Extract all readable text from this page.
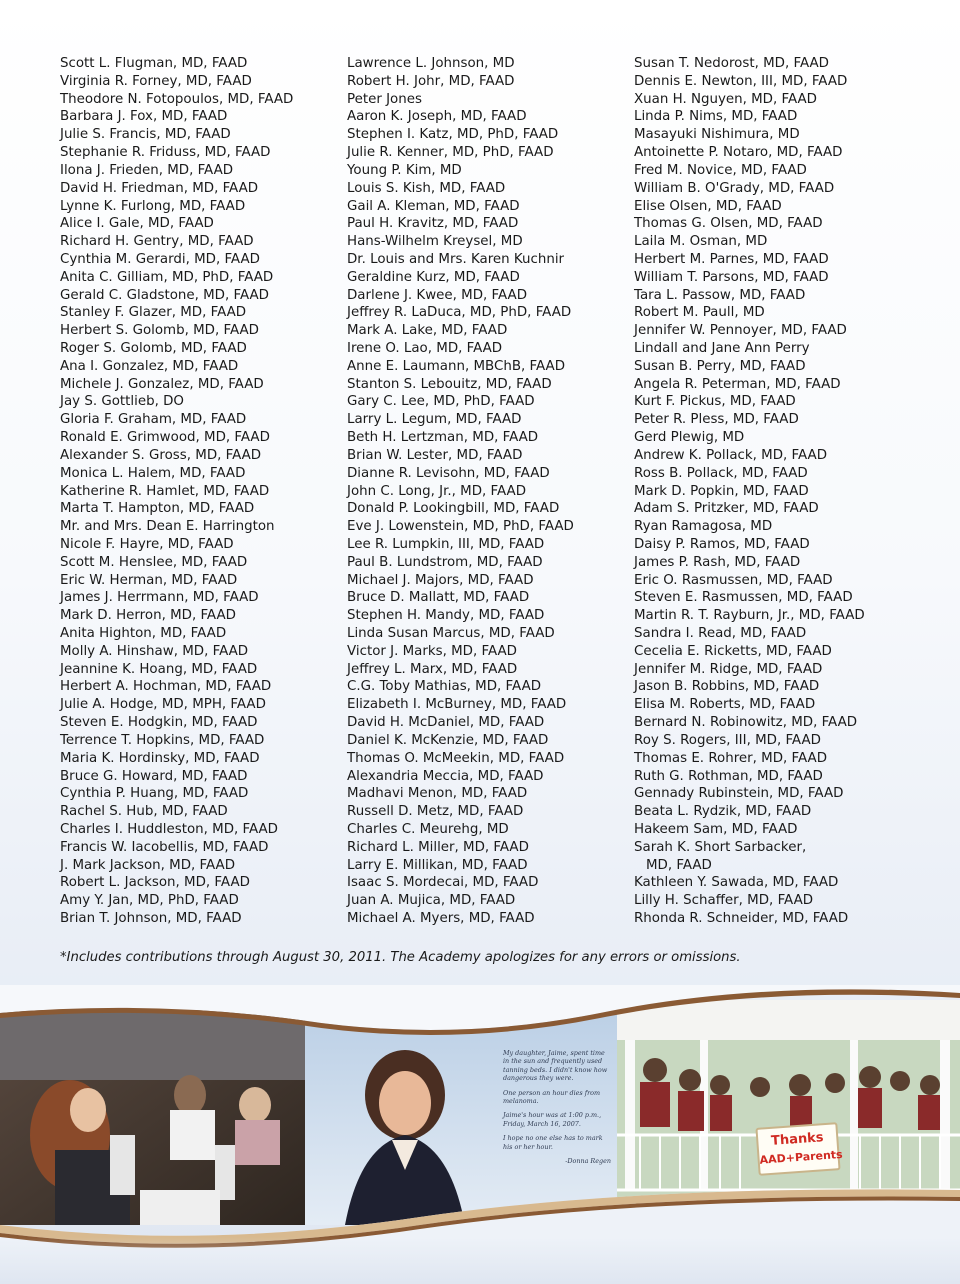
Scott L. Flugman, MD, FAAD
Virginia R. Forney, MD, FAAD
Theodore N. Fotopoulos, MD, FAAD
Barbara J. Fox, MD, FAAD
Julie S. Francis, MD, FAAD
Stephanie R. Friduss, MD, FAAD
Ilona J. Frieden, MD, FAAD
David H. Friedman, MD, FAAD
Lynne K. Furlong, MD, FAAD
Alice I. Gale, MD, FAAD
Richard H. Gentry, MD, FAAD
Cynthia M. Gerardi, MD, FAAD
Anita C. Gilliam, MD, PhD, FAAD
Gerald C. Gladstone, MD, FAAD
Stanley F. Glazer, MD, FAAD
Herbert S. Golomb, MD, FAAD
Roger S. Golomb, MD, FAAD
Ana I. Gonzalez, MD, FAAD
Michele J. Gonzalez, MD, FAAD
Jay S. Gottlieb, DO
Gloria F. Graham, MD, FAAD
Ronald E. Grimwood, MD, FAAD
Alexander S. Gross, MD, FAAD
Monica L. Halem, MD, FAAD
Katherine R. Hamlet, MD, FAAD
Marta T. Hampton, MD, FAAD
Mr. and Mrs. Dean E. Harrington
Nicole F. Hayre, MD, FAAD
Scott M. Henslee, MD, FAAD
Eric W. Herman, MD, FAAD
James J. Herrmann, MD, FAAD
Mark D. Herron, MD, FAAD
Anita Highton, MD, FAAD
Molly A. Hinshaw, MD, FAAD
Jeannine K. Hoang, MD, FAAD
Herbert A. Hochman, MD, FAAD
Julie A. Hodge, MD, MPH, FAAD
Steven E. Hodgkin, MD, FAAD
Terrence T. Hopkins, MD, FAAD
Maria K. Hordinsky, MD, FAAD
Bruce G. Howard, MD, FAAD
Cynthia P. Huang, MD, FAAD
Rachel S. Hub, MD, FAAD
Charles I. Huddleston, MD, FAAD
Francis W. Iacobellis, MD, FAAD
J. Mark Jackson, MD, FAAD
Robert L. Jackson, MD, FAAD
Amy Y. Jan, MD, PhD, FAAD
Brian T. Johnson, MD, FAAD
Lawrence L. Johnson, MD
Robert H. Johr, MD, FAAD
Peter Jones
Aaron K. Joseph, MD, FAAD
Stephen I. Katz, MD, PhD, FAAD
Julie R. Kenner, MD, PhD, FAAD
Young P. Kim, MD
Louis S. Kish, MD, FAAD
Gail A. Kleman, MD, FAAD
Paul H. Kravitz, MD, FAAD
Hans-Wilhelm Kreysel, MD
Dr. Louis and Mrs. Karen Kuchnir
Geraldine Kurz, MD, FAAD
Darlene J. Kwee, MD, FAAD
Jeffrey R. LaDuca, MD, PhD, FAAD
Mark A. Lake, MD, FAAD
Irene O. Lao, MD, FAAD
Anne E. Laumann, MBChB, FAAD
Stanton S. Lebouitz, MD, FAAD
Gary C. Lee, MD, PhD, FAAD
Larry L. Legum, MD, FAAD
Beth H. Lertzman, MD, FAAD
Brian W. Lester, MD, FAAD
Dianne R. Levisohn, MD, FAAD
John C. Long, Jr., MD, FAAD
Donald P. Lookingbill, MD, FAAD
Eve J. Lowenstein, MD, PhD, FAAD
Lee R. Lumpkin, III, MD, FAAD
Paul B. Lundstrom, MD, FAAD
Michael J. Majors, MD, FAAD
Bruce D. Mallatt, MD, FAAD
Stephen H. Mandy, MD, FAAD
Linda Susan Marcus, MD, FAAD
Victor J. Marks, MD, FAAD
Jeffrey L. Marx, MD, FAAD
C.G. Toby Mathias, MD, FAAD
Elizabeth I. McBurney, MD, FAAD
David H. McDaniel, MD, FAAD
Daniel K. McKenzie, MD, FAAD
Thomas O. McMeekin, MD, FAAD
Alexandria Meccia, MD, FAAD
Madhavi Menon, MD, FAAD
Russell D. Metz, MD, FAAD
Charles C. Meurehg, MD
Richard L. Miller, MD, FAAD
Larry E. Millikan, MD, FAAD
Isaac S. Mordecai, MD, FAAD
Juan A. Mujica, MD, FAAD
Michael A. Myers, MD, FAAD
Susan T. Nedorost, MD, FAAD
Dennis E. Newton, III, MD, FAAD
Xuan H. Nguyen, MD, FAAD
Linda P. Nims, MD, FAAD
Masayuki Nishimura, MD
Antoinette P. Notaro, MD, FAAD
Fred M. Novice, MD, FAAD
William B. O'Grady, MD, FAAD
Elise Olsen, MD, FAAD
Thomas G. Olsen, MD, FAAD
Laila M. Osman, MD
Herbert M. Parnes, MD, FAAD
William T. Parsons, MD, FAAD
Tara L. Passow, MD, FAAD
Robert M. Paull, MD
Jennifer W. Pennoyer, MD, FAAD
Lindall and Jane Ann Perry
Susan B. Perry, MD, FAAD
Angela R. Peterman, MD, FAAD
Kurt F. Pickus, MD, FAAD
Peter R. Pless, MD, FAAD
Gerd Plewig, MD
Andrew K. Pollack, MD, FAAD
Ross B. Pollack, MD, FAAD
Mark D. Popkin, MD, FAAD
Adam S. Pritzker, MD, FAAD
Ryan Ramagosa, MD
Daisy P. Ramos, MD, FAAD
James P. Rash, MD, FAAD
Eric O. Rasmussen, MD, FAAD
Steven E. Rasmussen, MD, FAAD
Martin R. T. Rayburn, Jr., MD, FAAD
Sandra I. Read, MD, FAAD
Cecelia E. Ricketts, MD, FAAD
Jennifer M. Ridge, MD, FAAD
Jason B. Robbins, MD, FAAD
Elisa M. Roberts, MD, FAAD
Bernard N. Robinowitz, MD, FAAD
Roy S. Rogers, III, MD, FAAD
Thomas E. Rohrer, MD, FAAD
Ruth G. Rothman, MD, FAAD
Gennady Rubinstein, MD, FAAD
Beata L. Rydzik, MD, FAAD
Hakeem Sam, MD, FAAD
Sarah K. Short Sarbacker,
MD, FAAD
Kathleen Y. Sawada, MD, FAAD
Lilly H. Schaffer, MD, FAAD
Rhonda R. Schneider, MD, FAAD
*Includes contributions through August 30, 2011. The Academy apologizes for any errors or omissions.

My daughter, Jaime, spent time in the sun and frequently used tanning beds. I didn't know how dangerous they were.

One person an hour dies from melanoma.

Jaime's hour was at 1:00 p.m., Friday, March 16, 2007.

I hope no one else has to mark his or her hour.

-Donna Regen
Thanks
AAD+Parents
